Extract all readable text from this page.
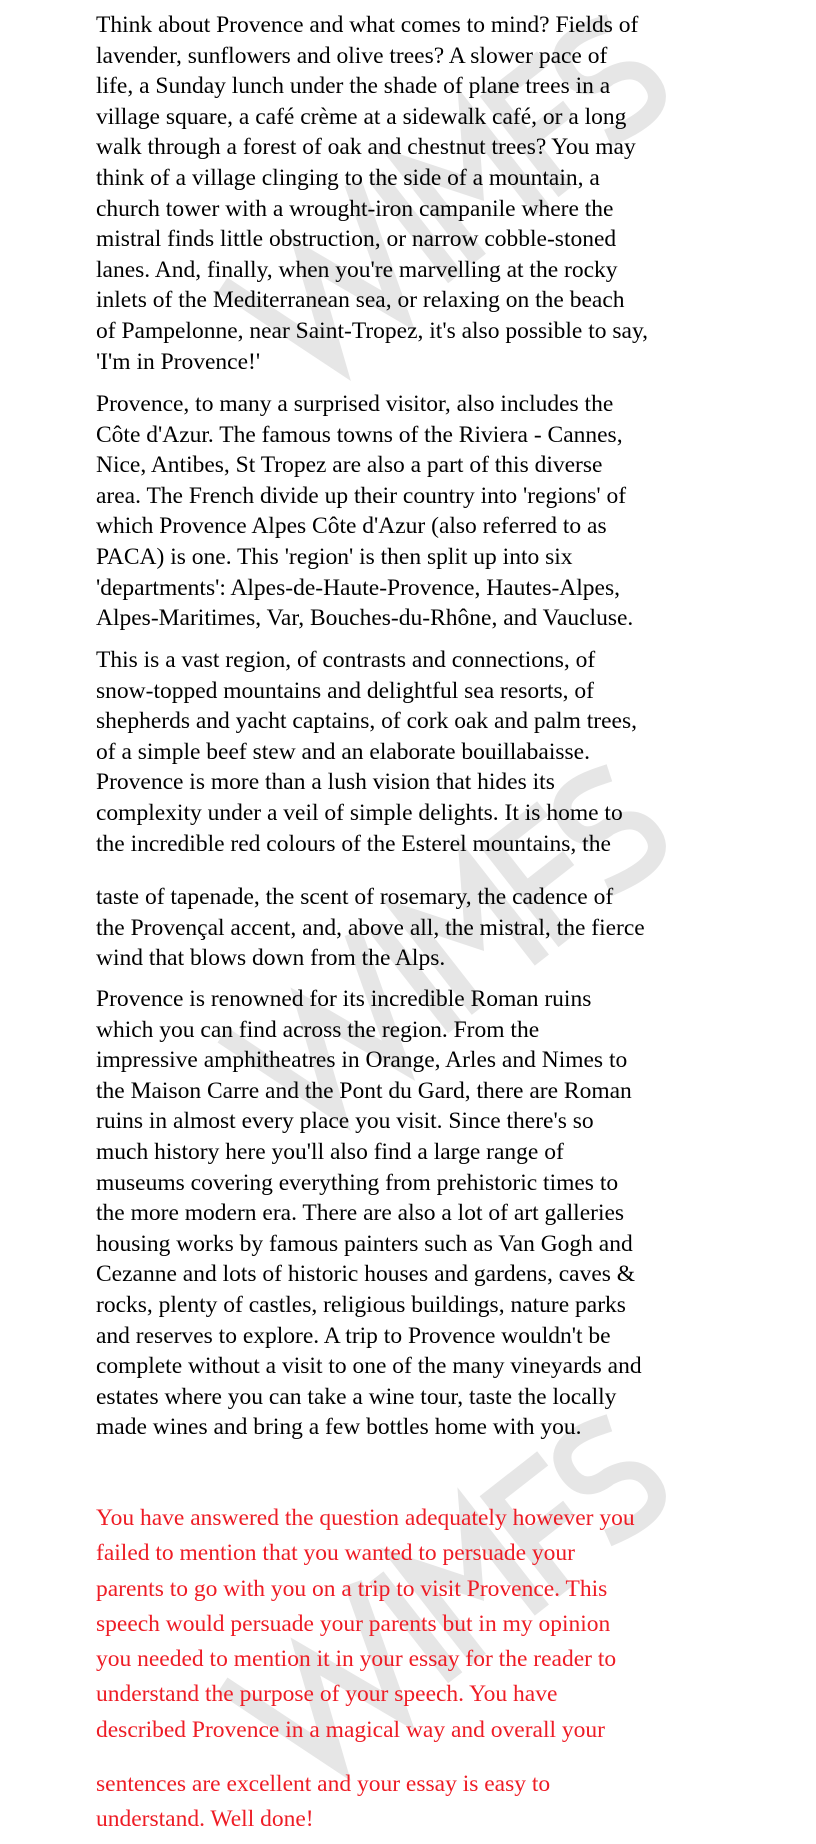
Think about Provence and what comes to mind? Fields of
lavender, sunflowers and olive trees? A slower pace of
life, a Sunday lunch under the shade of plane trees in a
village square, a café crème at a sidewalk café, or a long
walk through a forest of oak and chestnut trees? You may
think of a village clinging to the side of a mountain, a
church tower with a wrought-iron campanile where the
mistral finds little obstruction, or narrow cobble-stoned
lanes. And, finally, when you're marvelling at the rocky
inlets of the Mediterranean sea, or relaxing on the beach
of Pampelonne, near Saint-Tropez, it's also possible to say,
'I'm in Provence!'

Provence, to many a surprised visitor, also includes the
Côte d'Azur. The famous towns of the Riviera - Cannes,
Nice, Antibes, St Tropez are also a part of this diverse
area. The French divide up their country into 'regions' of
which Provence Alpes Côte d'Azur (also referred to as
PACA) is one. This 'region' is then split up into six
'departments': Alpes-de-Haute-Provence, Hautes-Alpes,
Alpes-Maritimes, Var, Bouches-du-Rhône, and Vaucluse.

This is a vast region, of contrasts and connections, of
snow-topped mountains and delightful sea resorts, of
shepherds and yacht captains, of cork oak and palm trees,
of a simple beef stew and an elaborate bouillabaisse.
Provence is more than a lush vision that hides its
complexity under a veil of simple delights. It is home to
the incredible red colours of the Esterel mountains, the

taste of tapenade, the scent of rosemary, the cadence of
the Provençal accent, and, above all, the mistral, the fierce
wind that blows down from the Alps.

Provence is renowned for its incredible Roman ruins
which you can find across the region. From the
impressive amphitheatres in Orange, Arles and Nimes to
the Maison Carre and the Pont du Gard, there are Roman
ruins in almost every place you visit. Since there's so
much history here you'll also find a large range of
museums covering everything from prehistoric times to
the more modern era. There are also a lot of art galleries
housing works by famous painters such as Van Gogh and
Cezanne and lots of historic houses and gardens, caves &
rocks, plenty of castles, religious buildings, nature parks
and reserves to explore. A trip to Provence wouldn't be
complete without a visit to one of the many vineyards and
estates where you can take a wine tour, taste the locally
made wines and bring a few bottles home with you.

You have answered the question adequately however you
failed to mention that you wanted to persuade your
parents to go with you on a trip to visit Provence. This
speech would persuade your parents but in my opinion
you needed to mention it in your essay for the reader to
understand the purpose of your speech. You have
described Provence in a magical way and overall your

sentences are excellent and your essay is easy to
understand. Well done!
